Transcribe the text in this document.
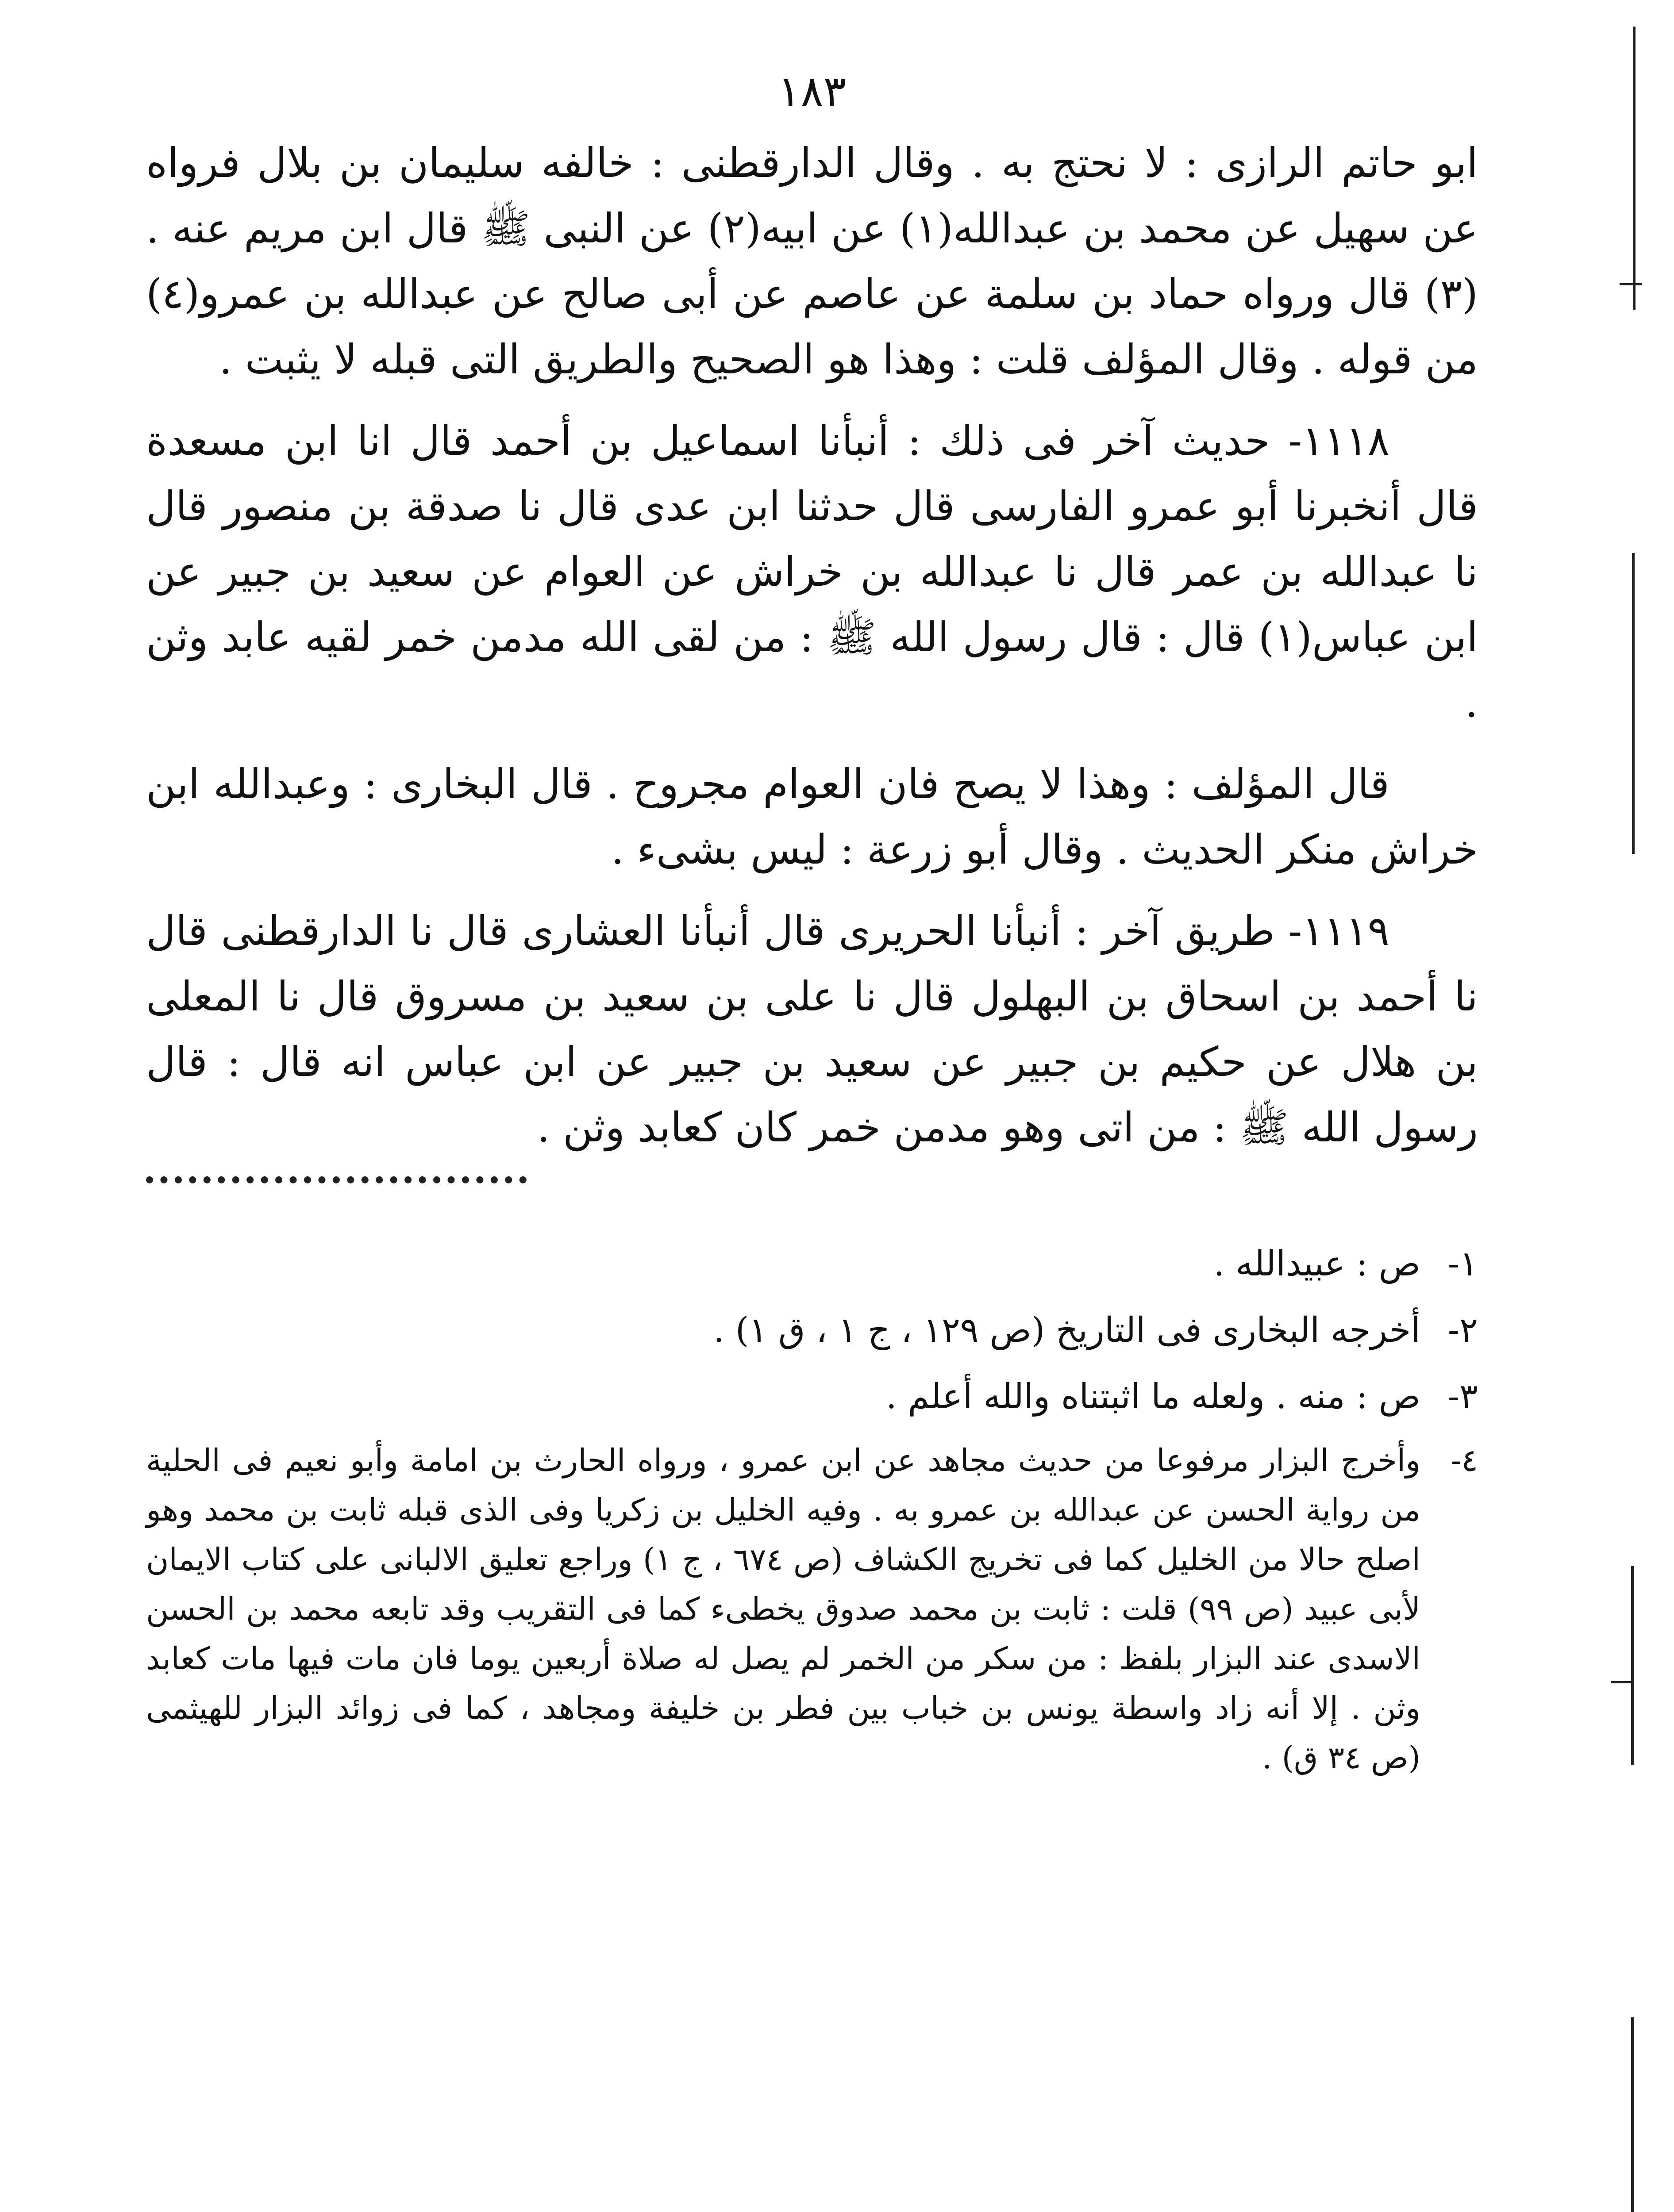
١٨٣

ابو حاتم الرازى : لا نحتج به . وقال الدارقطنى : خالفه سليمان بن بلال فرواه عن سهيل عن محمد بن عبدالله(١) عن ابيه(٢) عن النبى ﷺ قال ابن مريم عنه .(٣) قال ورواه حماد بن سلمة عن عاصم عن أبى صالح عن عبدالله بن عمرو(٤) من قوله . وقال المؤلف قلت : وهذا هو الصحيح والطريق التى قبله لا يثبت .

١١١٨- حديث آخر فى ذلك : أنبأنا اسماعيل بن أحمد قال انا ابن مسعدة قال أنخبرنا أبو عمرو الفارسى قال حدثنا ابن عدى قال نا صدقة بن منصور قال نا عبدالله بن عمر قال نا عبدالله بن خراش عن العوام عن سعيد بن جبير عن ابن عباس(١) قال : قال رسول الله ﷺ : من لقى الله مدمن خمر لقيه عابد وثن .

قال المؤلف : وهذا لا يصح فان العوام مجروح . قال البخارى : وعبدالله ابن خراش منكر الحديث . وقال أبو زرعة : ليس بشىء .

١١١٩- طريق آخر : أنبأنا الحريرى قال أنبأنا العشارى قال نا الدارقطنى قال نا أحمد بن اسحاق بن البهلول قال نا على بن سعيد بن مسروق قال نا المعلى بن هلال عن حكيم بن جبير عن سعيد بن جبير عن ابن عباس انه قال : قال رسول الله ﷺ : من اتى وهو مدمن خمر كان كعابد وثن .

١-
ص : عبيدالله .
٢-
أخرجه البخارى فى التاريخ (ص ١٢٩ ، ج ١ ، ق ١) .
٣-
ص : منه . ولعله ما اثبتناه والله أعلم .
٤-
وأخرج البزار مرفوعا من حديث مجاهد عن ابن عمرو ، ورواه الحارث بن امامة وأبو نعيم فى الحلية من رواية الحسن عن عبدالله بن عمرو به . وفيه الخليل بن زكريا وفى الذى قبله ثابت بن محمد وهو اصلح حالا من الخليل كما فى تخريج الكشاف (ص ٦٧٤ ، ج ١) وراجع تعليق الالبانى على كتاب الايمان لأبى عبيد (ص ٩٩) قلت : ثابت بن محمد صدوق يخطىء كما فى التقريب وقد تابعه محمد بن الحسن الاسدى عند البزار بلفظ : من سكر من الخمر لم يصل له صلاة أربعين يوما فان مات فيها مات كعابد وثن . إلا أنه زاد واسطة يونس بن خباب بين فطر بن خليفة ومجاهد ، كما فى زوائد البزار للهيثمى (ص ٣٤ ق) .
